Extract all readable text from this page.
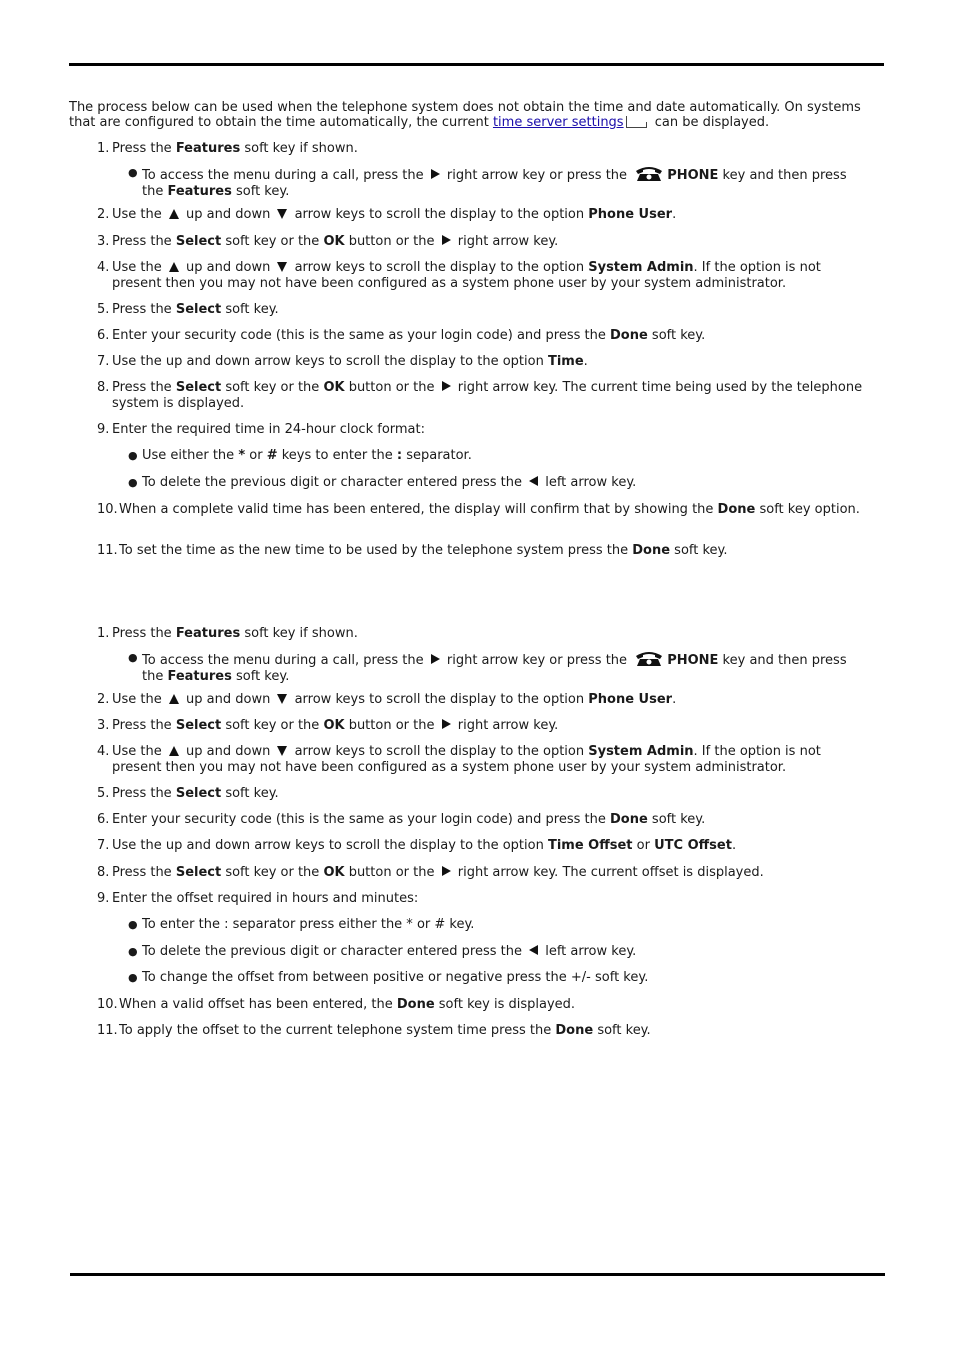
The process below can be used when the telephone system does not obtain the time and date automatically. On systems that are configured to obtain the time automatically, the current time server settings can be displayed.
1. Press the Features soft key if shown.
● To access the menu during a call, press the  right arrow key or press the	PHONE key and then press the Features soft key.
2. Use the  up and down  arrow keys to scroll the display to the option Phone User.
3. Press the Select soft key or the OK button or the  right arrow key.
4. Use the  up and down  arrow keys to scroll the display to the option System Admin. If the option is not present then you may not have been configured as a system phone user by your system administrator.
5. Press the Select soft key.
6. Enter your security code (this is the same as your login code) and press the Done soft key.
7. Use the up and down arrow keys to scroll the display to the option Time.
8. Press the Select soft key or the OK button or the  right arrow key. The current time being used by the telephone system is displayed.
9. Enter the required time in 24-hour clock format:
● Use either the * or # keys to enter the : separator.
● To delete the previous digit or character entered press the  left arrow key.
10. When a complete valid time has been entered, the display will confirm that by showing the Done soft key option.
11. To set the time as the new time to be used by the telephone system press the Done soft key.
1. Press the Features soft key if shown.
● To access the menu during a call, press the  right arrow key or press the	PHONE key and then press the Features soft key.
2. Use the  up and down  arrow keys to scroll the display to the option Phone User.
3. Press the Select soft key or the OK button or the  right arrow key.
4. Use the  up and down  arrow keys to scroll the display to the option System Admin. If the option is not present then you may not have been configured as a system phone user by your system administrator.
5. Press the Select soft key.
6. Enter your security code (this is the same as your login code) and press the Done soft key.
7. Use the up and down arrow keys to scroll the display to the option Time Offset or UTC Offset.
8. Press the Select soft key or the OK button or the  right arrow key. The current offset is displayed.
9. Enter the offset required in hours and minutes:
● To enter the : separator press either the * or # key.
● To delete the previous digit or character entered press the  left arrow key.
● To change the offset from between positive or negative press the +/- soft key.
10. When a valid offset has been entered, the Done soft key is displayed.
11. To apply the offset to the current telephone system time press the Done soft key.
